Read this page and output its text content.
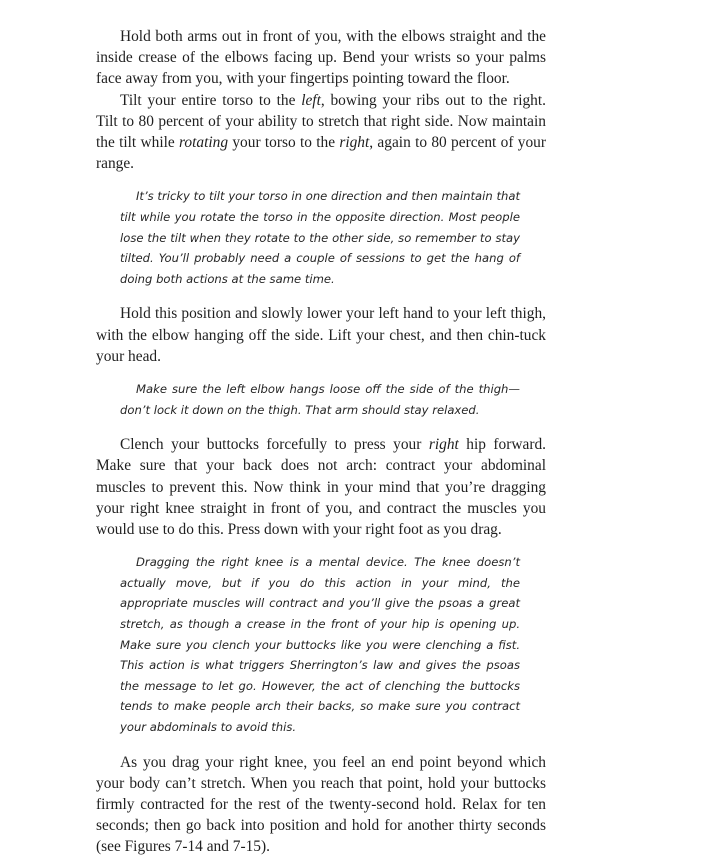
Hold both arms out in front of you, with the elbows straight and the inside crease of the elbows facing up. Bend your wrists so your palms face away from you, with your fingertips pointing toward the floor.

Tilt your entire torso to the left, bowing your ribs out to the right. Tilt to 80 percent of your ability to stretch that right side. Now maintain the tilt while rotating your torso to the right, again to 80 percent of your range.

It’s tricky to tilt your torso in one direction and then maintain that tilt while you rotate the torso in the opposite direction. Most people lose the tilt when they rotate to the other side, so remember to stay tilted. You’ll probably need a couple of sessions to get the hang of doing both actions at the same time.

Hold this position and slowly lower your left hand to your left thigh, with the elbow hanging off the side. Lift your chest, and then chin-tuck your head.

Make sure the left elbow hangs loose off the side of the thigh—don’t lock it down on the thigh. That arm should stay relaxed.

Clench your buttocks forcefully to press your right hip forward. Make sure that your back does not arch: contract your abdominal muscles to prevent this. Now think in your mind that you’re dragging your right knee straight in front of you, and contract the muscles you would use to do this. Press down with your right foot as you drag.

Dragging the right knee is a mental device. The knee doesn’t actually move, but if you do this action in your mind, the appropriate muscles will contract and you’ll give the psoas a great stretch, as though a crease in the front of your hip is opening up. Make sure you clench your buttocks like you were clenching a fist. This action is what triggers Sherrington’s law and gives the psoas the message to let go. However, the act of clenching the buttocks tends to make people arch their backs, so make sure you contract your abdominals to avoid this.

As you drag your right knee, you feel an end point beyond which your body can’t stretch. When you reach that point, hold your buttocks firmly contracted for the rest of the twenty-second hold. Relax for ten seconds; then go back into position and hold for another thirty seconds (see Figures 7-14 and 7-15).
